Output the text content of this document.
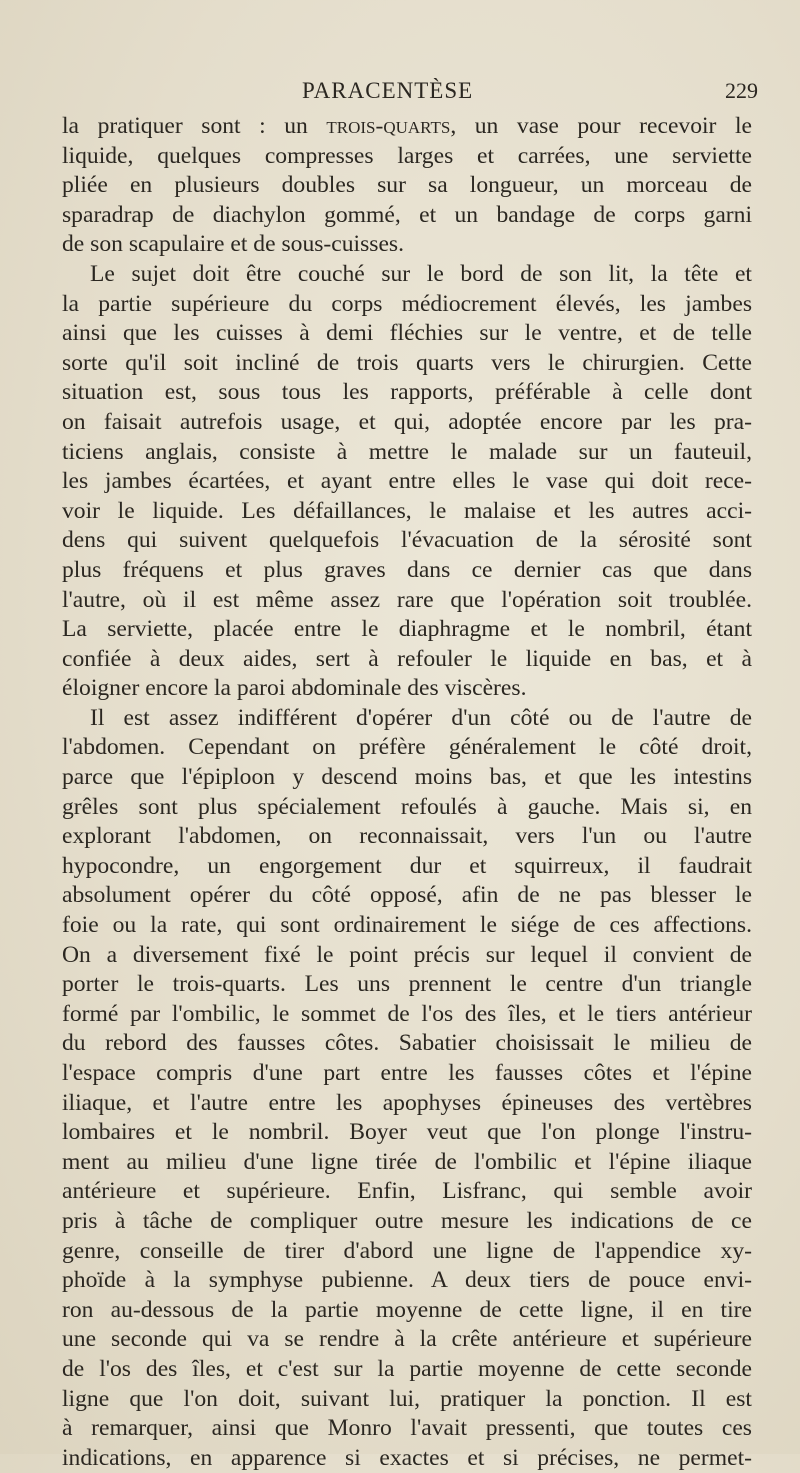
PARACENTÈSE	229
la pratiquer sont : un trois-quarts, un vase pour recevoir le
liquide, quelques compresses larges et carrées, une serviette
pliée en plusieurs doubles sur sa longueur, un morceau de
sparadrap de diachylon gommé, et un bandage de corps garni
de son scapulaire et de sous-cuisses.
Le sujet doit être couché sur le bord de son lit, la tête et
la partie supérieure du corps médiocrement élevés, les jambes
ainsi que les cuisses à demi fléchies sur le ventre, et de telle
sorte qu'il soit incliné de trois quarts vers le chirurgien. Cette
situation est, sous tous les rapports, préférable à celle dont
on faisait autrefois usage, et qui, adoptée encore par les pra-
ticiens anglais, consiste à mettre le malade sur un fauteuil,
les jambes écartées, et ayant entre elles le vase qui doit rece-
voir le liquide. Les défaillances, le malaise et les autres acci-
dens qui suivent quelquefois l'évacuation de la sérosité sont
plus fréquens et plus graves dans ce dernier cas que dans
l'autre, où il est même assez rare que l'opération soit troublée.
La serviette, placée entre le diaphragme et le nombril, étant
confiée à deux aides, sert à refouler le liquide en bas, et à
éloigner encore la paroi abdominale des viscères.
Il est assez indifférent d'opérer d'un côté ou de l'autre de
l'abdomen. Cependant on préfère généralement le côté droit,
parce que l'épiploon y descend moins bas, et que les intestins
grêles sont plus spécialement refoulés à gauche. Mais si, en
explorant l'abdomen, on reconnaissait, vers l'un ou l'autre
hypocondre, un engorgement dur et squirreux, il faudrait
absolument opérer du côté opposé, afin de ne pas blesser le
foie ou la rate, qui sont ordinairement le siége de ces affections.
On a diversement fixé le point précis sur lequel il convient de
porter le trois-quarts. Les uns prennent le centre d'un triangle
formé par l'ombilic, le sommet de l'os des îles, et le tiers antérieur
du rebord des fausses côtes. Sabatier choisissait le milieu de
l'espace compris d'une part entre les fausses côtes et l'épine
iliaque, et l'autre entre les apophyses épineuses des vertèbres
lombaires et le nombril. Boyer veut que l'on plonge l'instru-
ment au milieu d'une ligne tirée de l'ombilic et l'épine iliaque
antérieure et supérieure. Enfin, Lisfranc, qui semble avoir
pris à tâche de compliquer outre mesure les indications de ce
genre, conseille de tirer d'abord une ligne de l'appendice xy-
phoïde à la symphyse pubienne. A deux tiers de pouce envi-
ron au-dessous de la partie moyenne de cette ligne, il en tire
une seconde qui va se rendre à la crête antérieure et supérieure
de l'os des îles, et c'est sur la partie moyenne de cette seconde
ligne que l'on doit, suivant lui, pratiquer la ponction. Il est
à remarquer, ainsi que Monro l'avait pressenti, que toutes ces
indications, en apparence si exactes et si précises, ne permet-
